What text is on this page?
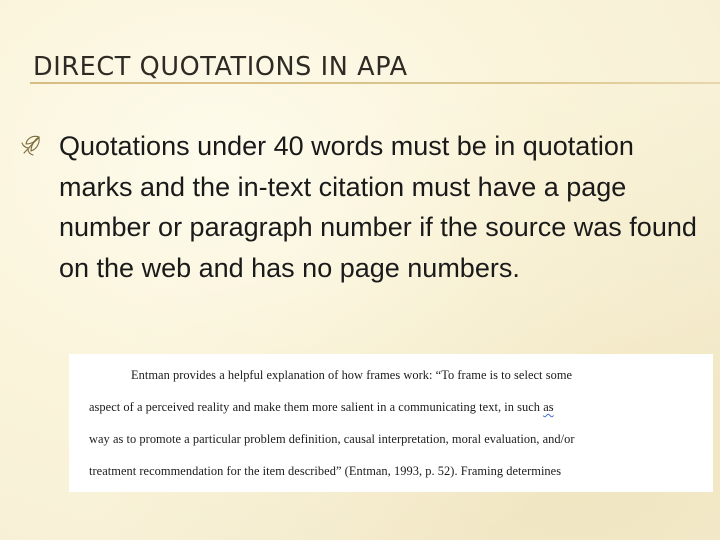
DIRECT QUOTATIONS IN APA
Quotations under 40 words must be in quotation marks and the in-text citation must have a page number or paragraph number if the source was found on the web and has no page numbers.
Entman provides a helpful explanation of how frames work: “To frame is to select some
aspect of a perceived reality and make them more salient in a communicating text, in such as
way as to promote a particular problem definition, causal interpretation, moral evaluation, and/or
treatment recommendation for the item described” (Entman, 1993, p. 52). Framing determines
